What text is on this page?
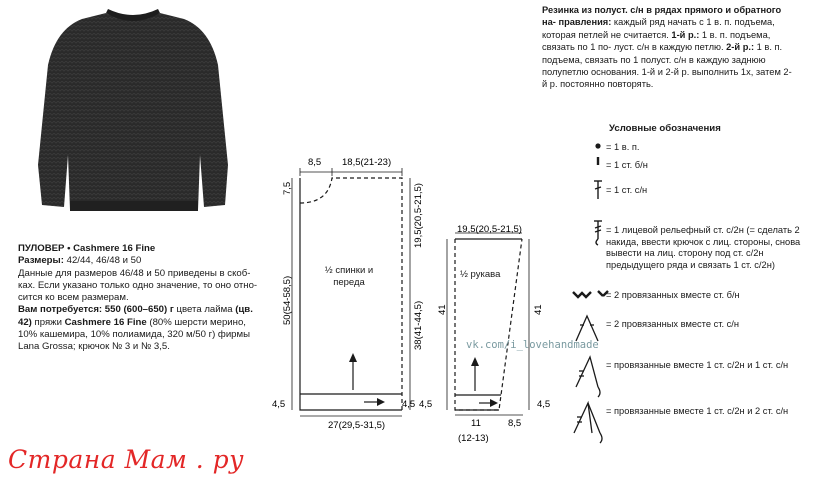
ПУЛОВЕР • Cashmere 16 Fine
Размеры: 42/44, 46/48 и 50
Данные для размеров 46/48 и 50 приведены в скоб- ках. Если указано только одно значение, то оно отно- сится ко всем размерам.
Вам потребуется: 550 (600–650) г цвета лайма (цв. 42) пряжи Cashmere 16 Fine (80% шерсти мерино, 10% кашемира, 10% полиамида, 320 м/50 г) фирмы Lana Grossa; крючок № 3 и № 3,5.
Резинка из полуст. с/н в рядах прямого и обратного на- правления: каждый ряд начать с 1 в. п. подъема, которая петлей не считается. 1-й р.: 1 в. п. подъема, связать по 1 по- луст. с/н в каждую петлю. 2-й р.: 1 в. п. подъема, связать по 1 полуст. с/н в каждую заднюю полупетлю основания. 1-й и 2-й р. выполнить 1x, затем 2-й р. постоянно повторять.
8,5 18,5(21-23)
7,5
50(54-58,5)
4,5
19,5(20,5-21,5)
38(41-44,5)
4,5
27(29,5-31,5)
½ спинки и переда
19,5(20,5-21,5)
41
4,5
41
4,5
11
(12-13)
8,5
½ рукава
vk.com/i_lovehandmade
Условные обозначения
= 1 в. п.
= 1 ст. б/н
= 1 ст. с/н
= 1 лицевой рельефный ст. с/2н (= сделать 2 накида, ввести крючок с лиц. стороны, снова вывести на лиц. сторону под ст. с/2н предыдущего ряда и связать 1 ст. с/2н)
= 2 провязанных вместе ст. б/н
= 2 провязанных вместе ст. с/н
= провязанные вместе 1 ст. с/2н и 1 ст. с/н
= провязанные вместе 1 ст. с/2н и 2 ст. с/н
Страна Мам . ру
